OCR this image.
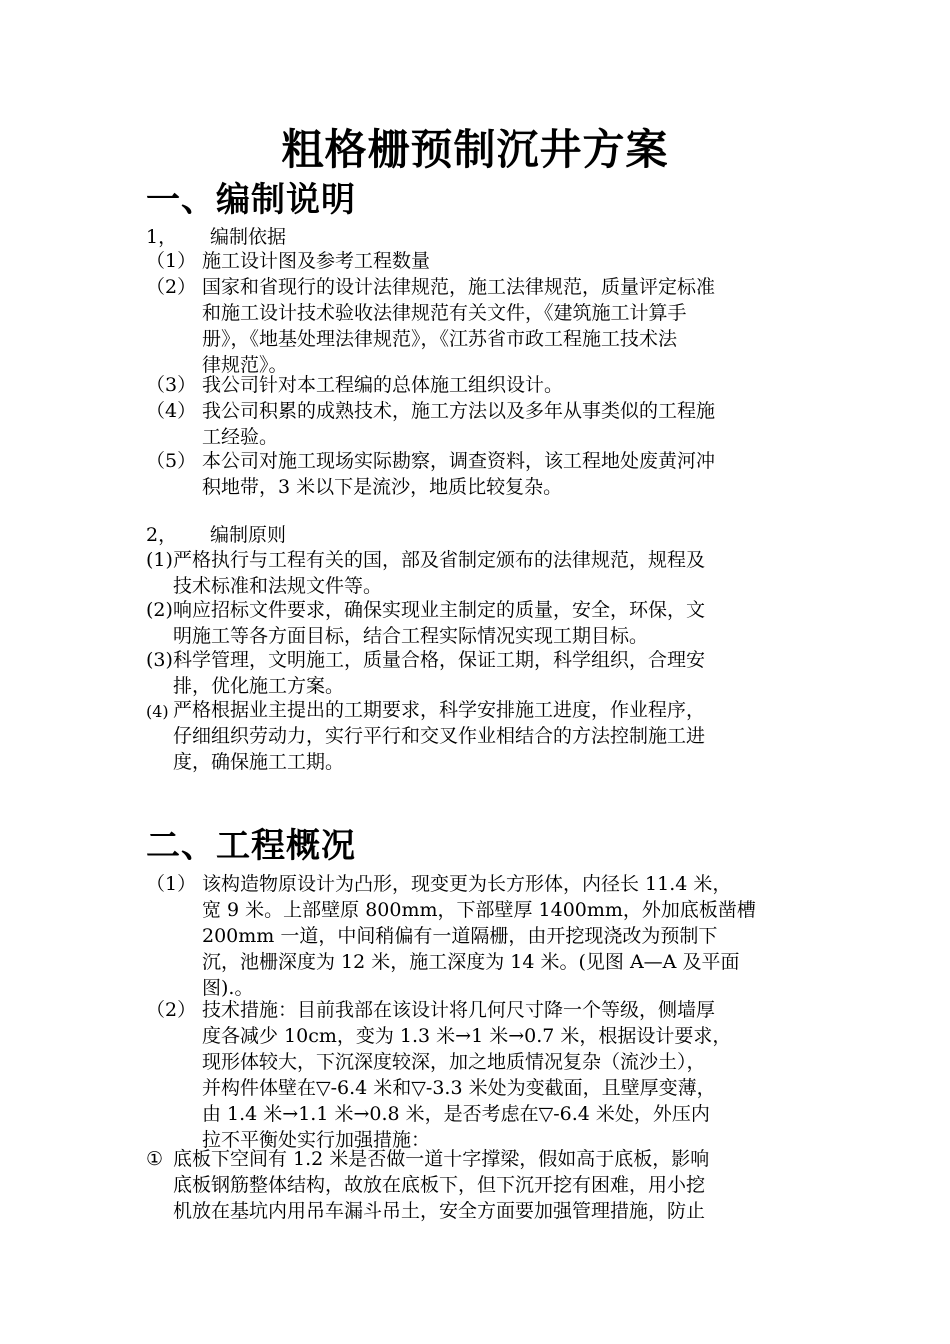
粗格栅预制沉井方案
一、编制说明
1， 编制依据
（1） 施工设计图及参考工程数量
（2） 国家和省现行的设计法律规范，施工法律规范，质量评定标准
和施工设计技术验收法律规范有关文件，《建筑施工计算手
册》，《地基处理法律规范》，《江苏省市政工程施工技术法
律规范》。
（3） 我公司针对本工程编的总体施工组织设计。
（4） 我公司积累的成熟技术，施工方法以及多年从事类似的工程施
工经验。
（5） 本公司对施工现场实际勘察，调查资料，该工程地处废黄河冲
积地带，3 米以下是流沙，地质比较复杂。
2， 编制原则
(1) 严格执行与工程有关的国，部及省制定颁布的法律规范，规程及
技术标准和法规文件等。
(2) 响应招标文件要求，确保实现业主制定的质量，安全，环保，文
明施工等各方面目标，结合工程实际情况实现工期目标。
(3) 科学管理，文明施工，质量合格，保证工期，科学组织，合理安
排，优化施工方案。
(4) 严格根据业主提出的工期要求，科学安排施工进度，作业程序，
仔细组织劳动力，实行平行和交叉作业相结合的方法控制施工进
度，确保施工工期。
二、工程概况
（1） 该构造物原设计为凸形，现变更为长方形体，内径长 11.4 米，
宽 9 米。上部壁原 800mm，下部壁厚 1400mm，外加底板凿槽
200mm 一道，中间稍偏有一道隔栅，由开挖现浇改为预制下
沉，池栅深度为 12 米，施工深度为 14 米。(见图 A—A 及平面
图).。
（2） 技术措施：目前我部在该设计将几何尺寸降一个等级，侧墙厚
度各减少 10cm，变为 1.3 米→1 米→0.7 米，根据设计要求，
现形体较大，下沉深度较深，加之地质情况复杂（流沙土），
并构件体壁在▽-6.4 米和▽-3.3 米处为变截面，且壁厚变薄，
由 1.4 米→1.1 米→0.8 米，是否考虑在▽-6.4 米处，外压内
拉不平衡处实行加强措施：
① 底板下空间有 1.2 米是否做一道十字撑梁，假如高于底板，影响
底板钢筋整体结构，故放在底板下，但下沉开挖有困难，用小挖
机放在基坑内用吊车漏斗吊土，安全方面要加强管理措施，防止
